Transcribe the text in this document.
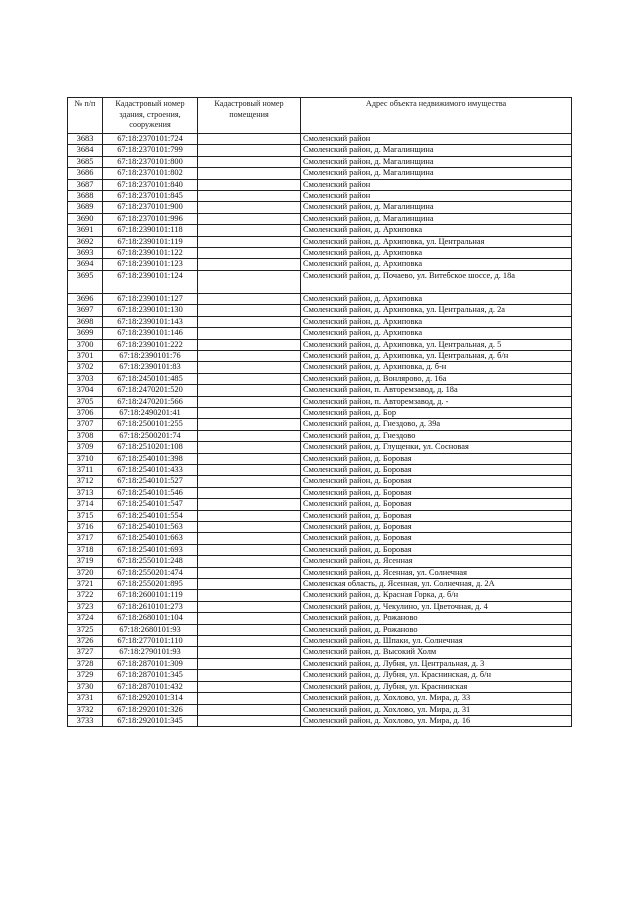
№ п/п	Кадастровый номер здания, строения, сооружения	Кадастровый номер помещения	Адрес объекта недвижимого имущества
3683	67:18:2370101:724		Смоленский район
3684	67:18:2370101:799		Смоленский район, д. Магалинщина
3685	67:18:2370101:800		Смоленский район, д. Магалинщина
3686	67:18:2370101:802		Смоленский район, д. Магалинщина
3687	67:18:2370101:840		Смоленский район
3688	67:18:2370101:845		Смоленский район
3689	67:18:2370101:900		Смоленский район, д. Магалинщина
3690	67:18:2370101:996		Смоленский район, д. Магалинщина
3691	67:18:2390101:118		Смоленский район, д. Архиповка
3692	67:18:2390101:119		Смоленский район, д. Архиповка, ул. Центральная
3693	67:18:2390101:122		Смоленский район, д. Архиповка
3694	67:18:2390101:123		Смоленский район, д. Архиповка
3695	67:18:2390101:124		Смоленский район, д. Почаево, ул. Витебское шоссе, д. 18а
3696	67:18:2390101:127		Смоленский район, д. Архиповка
3697	67:18:2390101:130		Смоленский район, д. Архиповка, ул. Центральная, д. 2а
3698	67:18:2390101:143		Смоленский район, д. Архиповка
3699	67:18:2390101:146		Смоленский район, д. Архиповка
3700	67:18:2390101:222		Смоленский район, д. Архиповка, ул. Центральная, д. 5
3701	67:18:2390101:76		Смоленский район, д. Архиповка, ул. Центральная, д. б/н
3702	67:18:2390101:83		Смоленский район, д. Архиповка, д. б-н
3703	67:18:2450101:485		Смоленский район, д. Вонлярово, д. 16а
3704	67:18:2470201:520		Смоленский район, п. Авторемзавод, д. 18а
3705	67:18:2470201:566		Смоленский район, п. Авторемзавод, д. -
3706	67:18:2490201:41		Смоленский район, д. Бор
3707	67:18:2500101:255		Смоленский район, д. Гнездово, д. 39а
3708	67:18:2500201:74		Смоленский район, д. Гнездово
3709	67:18:2510201:108		Смоленский район, д. Глущенки, ул. Сосновая
3710	67:18:2540101:398		Смоленский район, д. Боровая
3711	67:18:2540101:433		Смоленский район, д. Боровая
3712	67:18:2540101:527		Смоленский район, д. Боровая
3713	67:18:2540101:546		Смоленский район, д. Боровая
3714	67:18:2540101:547		Смоленский район, д. Боровая
3715	67:18:2540101:554		Смоленский район, д. Боровая
3716	67:18:2540101:563		Смоленский район, д. Боровая
3717	67:18:2540101:663		Смоленский район, д. Боровая
3718	67:18:2540101:693		Смоленский район, д. Боровая
3719	67:18:2550101:248		Смоленский район, д. Ясенная
3720	67:18:2550201:474		Смоленский район, д. Ясенная, ул. Солнечная
3721	67:18:2550201:895		Смоленская область, д. Ясенная, ул. Солнечная, д. 2А
3722	67:18:2600101:119		Смоленский район, д. Красная Горка, д. б/н
3723	67:18:2610101:273		Смоленский район, д. Чекулино, ул. Цветочная, д. 4
3724	67:18:2680101:104		Смоленский район, д. Рожаново
3725	67:18:2680101:93		Смоленский район, д. Рожаново
3726	67:18:2770101:110		Смоленский район, д. Шпаки, ул. Солнечная
3727	67:18:2790101:93		Смоленский район, д. Высокий Холм
3728	67:18:2870101:309		Смоленский район, д. Лубня, ул. Центральная, д. 3
3729	67:18:2870101:345		Смоленский район, д. Лубня, ул. Краснинская, д. б/н
3730	67:18:2870101:432		Смоленский район, д. Лубня, ул. Краснинская
3731	67:18:2920101:314		Смоленский район, д. Хохлово, ул. Мира, д. 33
3732	67:18:2920101:326		Смоленский район, д. Хохлово, ул. Мира, д. 31
3733	67:18:2920101:345		Смоленский район, д. Хохлово, ул. Мира, д. 16
